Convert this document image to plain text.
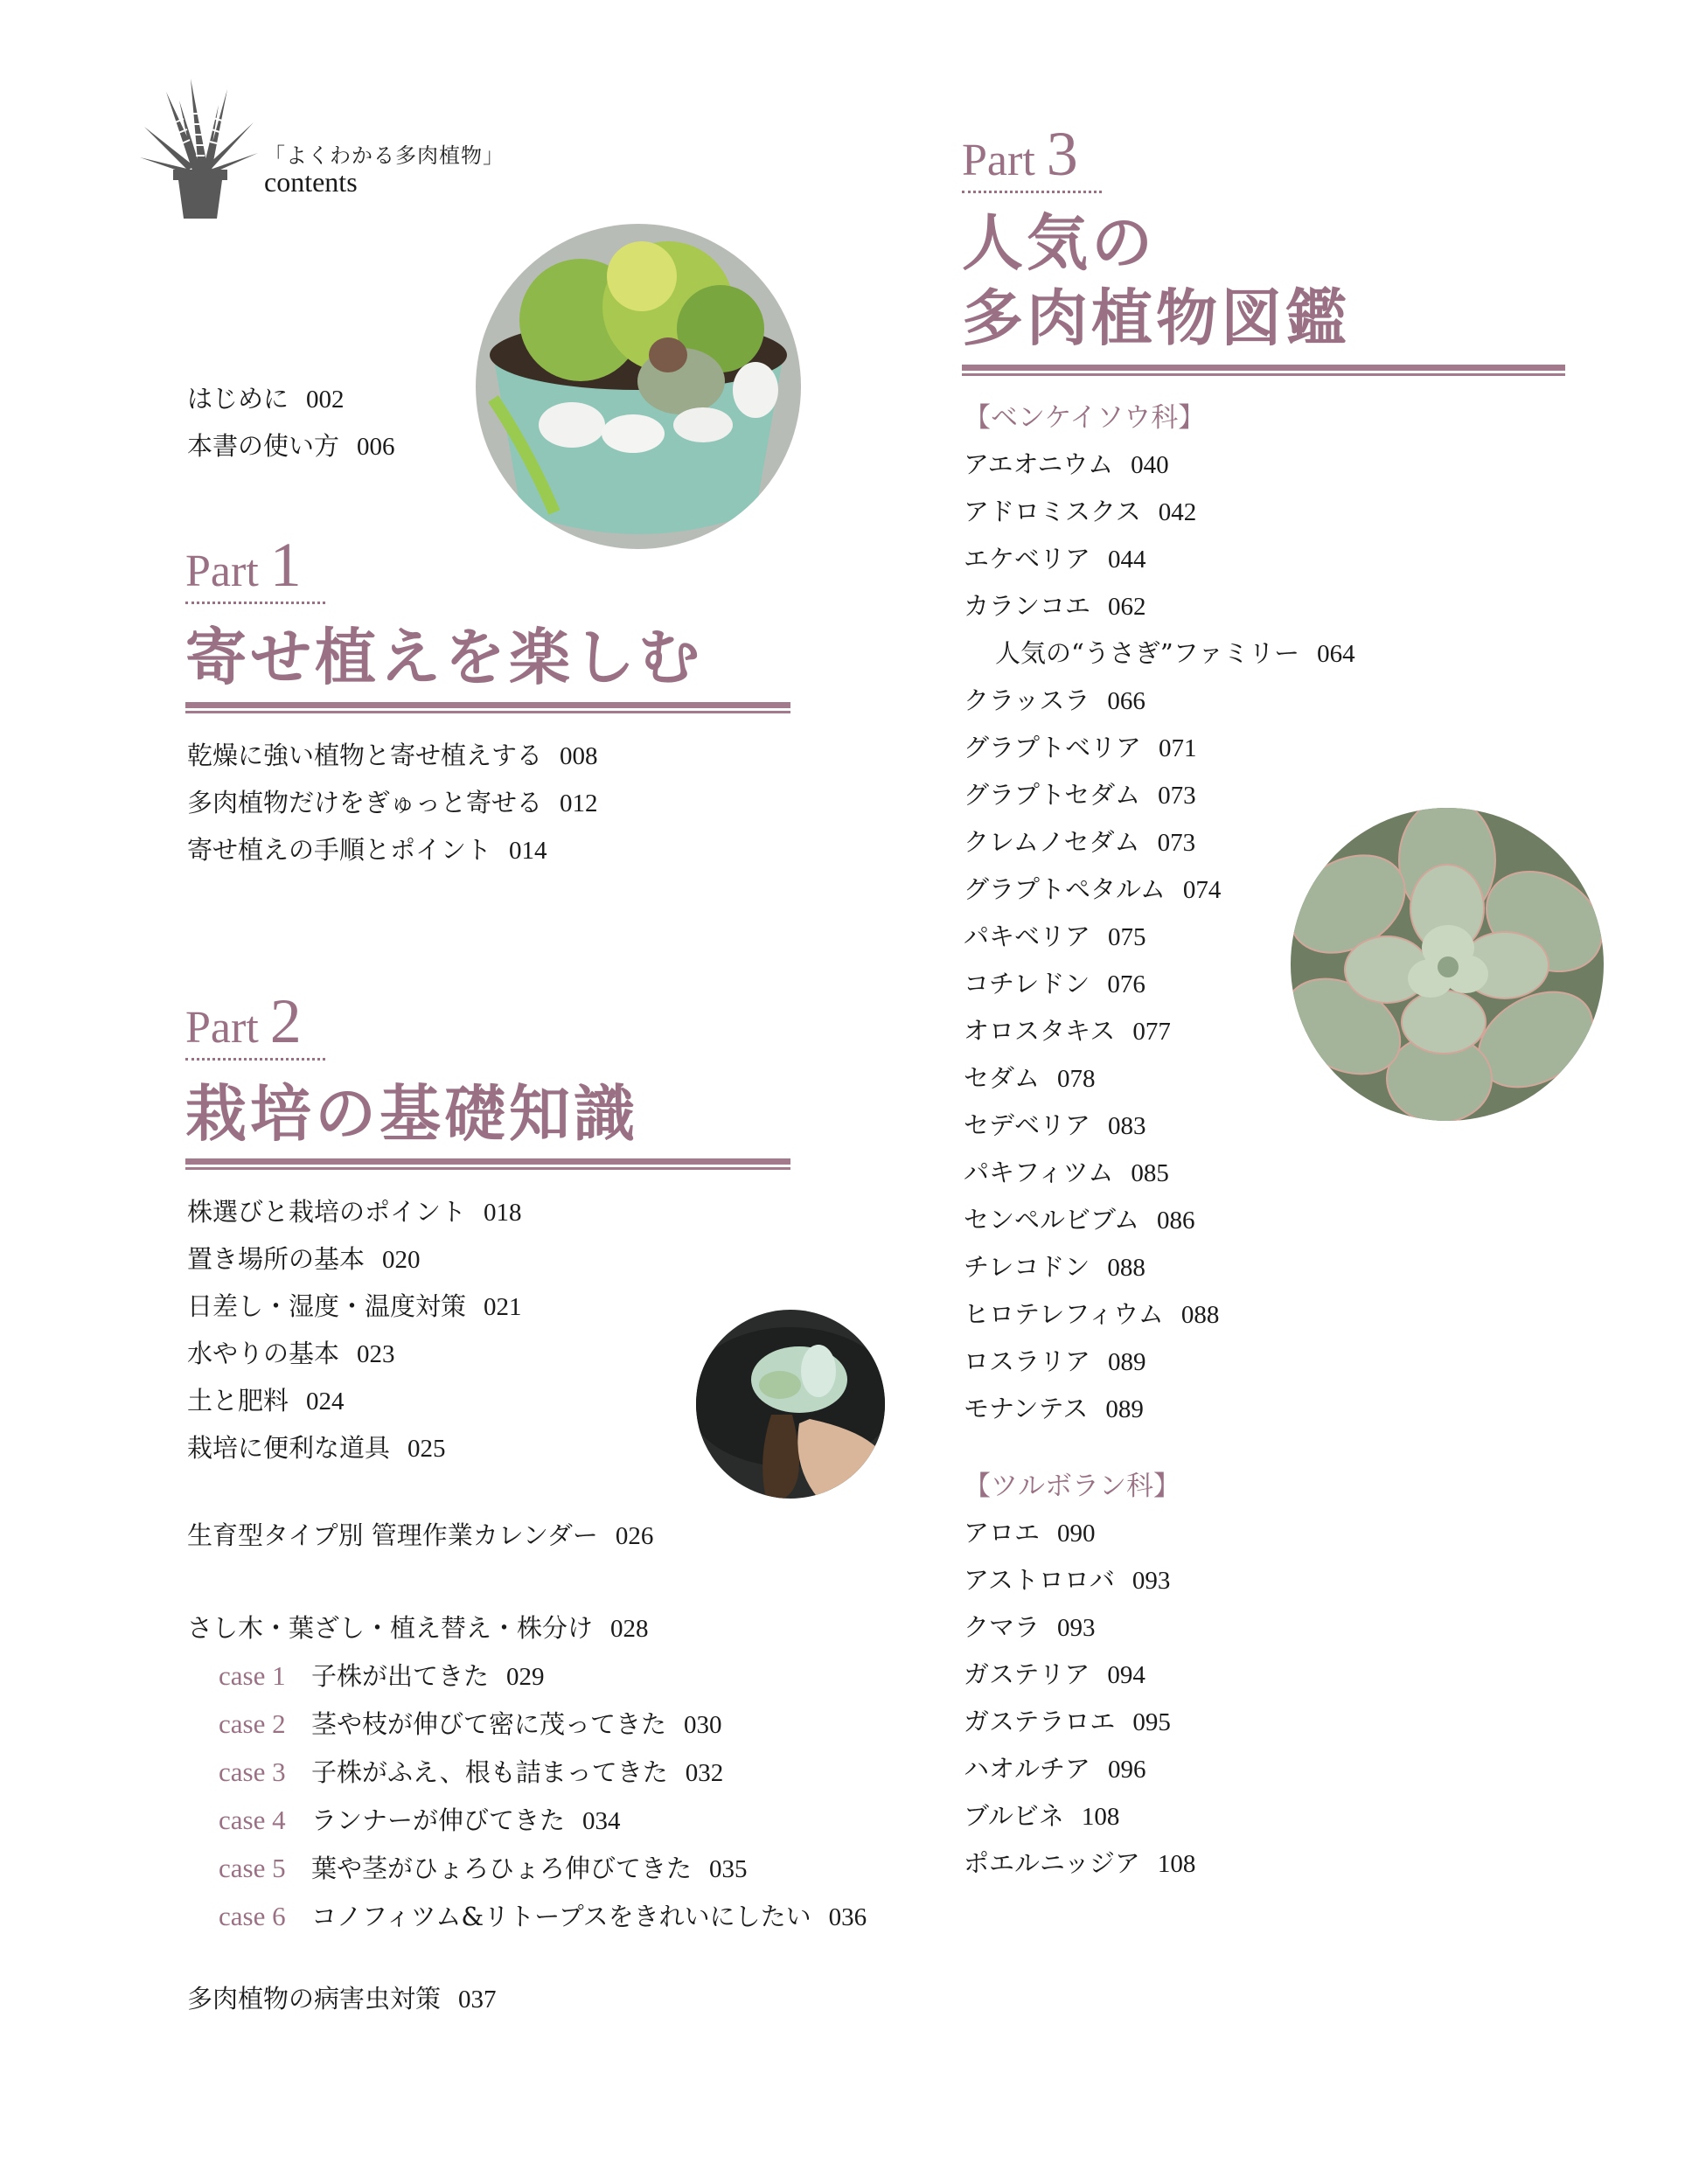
「よくわかる多肉植物」
contents
はじめに 002
本書の使い方 006
Part 1
寄せ植えを楽しむ
乾燥に強い植物と寄せ植えする 008
多肉植物だけをぎゅっと寄せる 012
寄せ植えの手順とポイント 014
Part 2
栽培の基礎知識
株選びと栽培のポイント 018
置き場所の基本 020
日差し・湿度・温度対策 021
水やりの基本 023
土と肥料 024
栽培に便利な道具 025
生育型タイプ別 管理作業カレンダー 026
さし木・葉ざし・植え替え・株分け 028
case 1 子株が出てきた 029
case 2 茎や枝が伸びて密に茂ってきた 030
case 3 子株がふえ、根も詰まってきた 032
case 4 ランナーが伸びてきた 034
case 5 葉や茎がひょろひょろ伸びてきた 035
case 6 コノフィツム&リトープスをきれいにしたい 036
多肉植物の病害虫対策 037
Part 3
人気の
多肉植物図鑑
【ベンケイソウ科】
アエオニウム 040
アドロミスクス 042
エケベリア 044
カランコエ 062
人気の“うさぎ”ファミリー 064
クラッスラ 066
グラプトベリア 071
グラプトセダム 073
クレムノセダム 073
グラプトペタルム 074
パキベリア 075
コチレドン 076
オロスタキス 077
セダム 078
セデベリア 083
パキフィツム 085
センペルビブム 086
チレコドン 088
ヒロテレフィウム 088
ロスラリア 089
モナンテス 089
【ツルボラン科】
アロエ 090
アストロロバ 093
クマラ 093
ガステリア 094
ガステラロエ 095
ハオルチア 096
ブルビネ 108
ポエルニッジア 108
